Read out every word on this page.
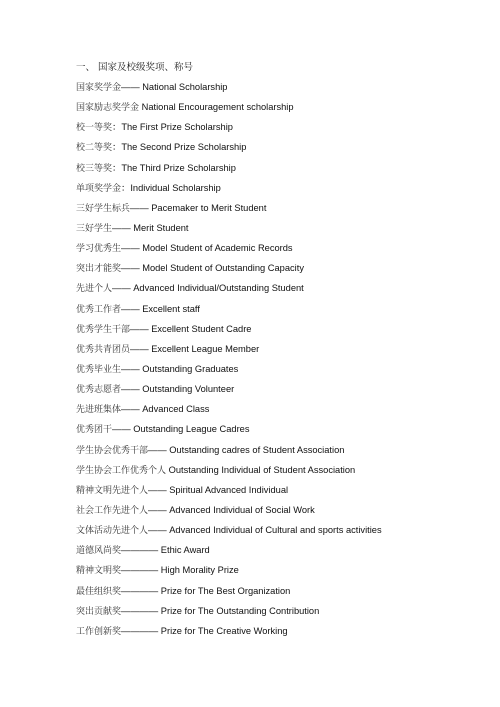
一、 国家及校级奖项、称号
国家奖学金—— National Scholarship
国家励志奖学金 National Encouragement scholarship
校一等奖：The First Prize Scholarship
校二等奖：The Second Prize Scholarship
校三等奖：The Third Prize Scholarship
单项奖学金：Individual Scholarship
三好学生标兵—— Pacemaker to Merit Student
三好学生—— Merit Student
学习优秀生—— Model Student of Academic Records
突出才能奖—— Model Student of Outstanding Capacity
先进个人—— Advanced Individual/Outstanding Student
优秀工作者—— Excellent staff
优秀学生干部—— Excellent Student Cadre
优秀共青团员—— Excellent League Member
优秀毕业生—— Outstanding Graduates
优秀志愿者—— Outstanding Volunteer
先进班集体—— Advanced Class
优秀团干—— Outstanding League Cadres
学生协会优秀干部—— Outstanding cadres of Student Association
学生协会工作优秀个人 Outstanding Individual of Student Association
精神文明先进个人—— Spiritual Advanced Individual
社会工作先进个人—— Advanced Individual of Social Work
文体活动先进个人—— Advanced Individual of Cultural and sports activities
道德风尚奖———— Ethic Award
精神文明奖———— High Morality Prize
最佳组织奖———— Prize for The Best Organization
突出贡献奖———— Prize for The Outstanding Contribution
工作创新奖———— Prize for The Creative Working
